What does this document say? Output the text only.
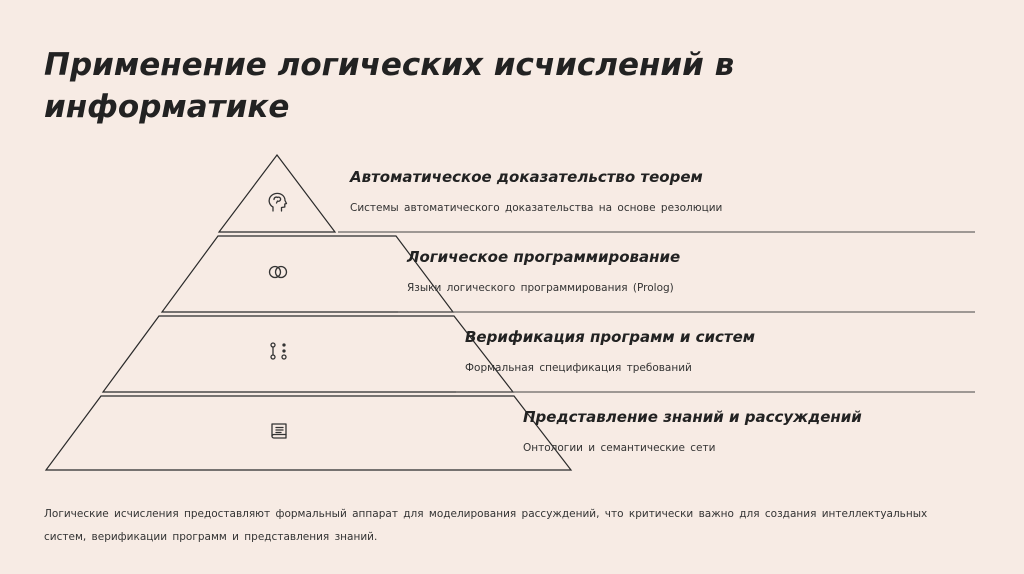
Применение логических исчислений в информатике
Автоматическое доказательство теорем
Системы автоматического доказательства на основе резолюции
Логическое программирование
Языки логического программирования (Prolog)
Верификация программ и систем
Формальная спецификация требований
Представление знаний и рассуждений
Онтологии и семантические сети

Логические исчисления предоставляют формальный аппарат для моделирования рассуждений, что критически важно для создания интеллектуальных систем, верификации программ и представления знаний.
